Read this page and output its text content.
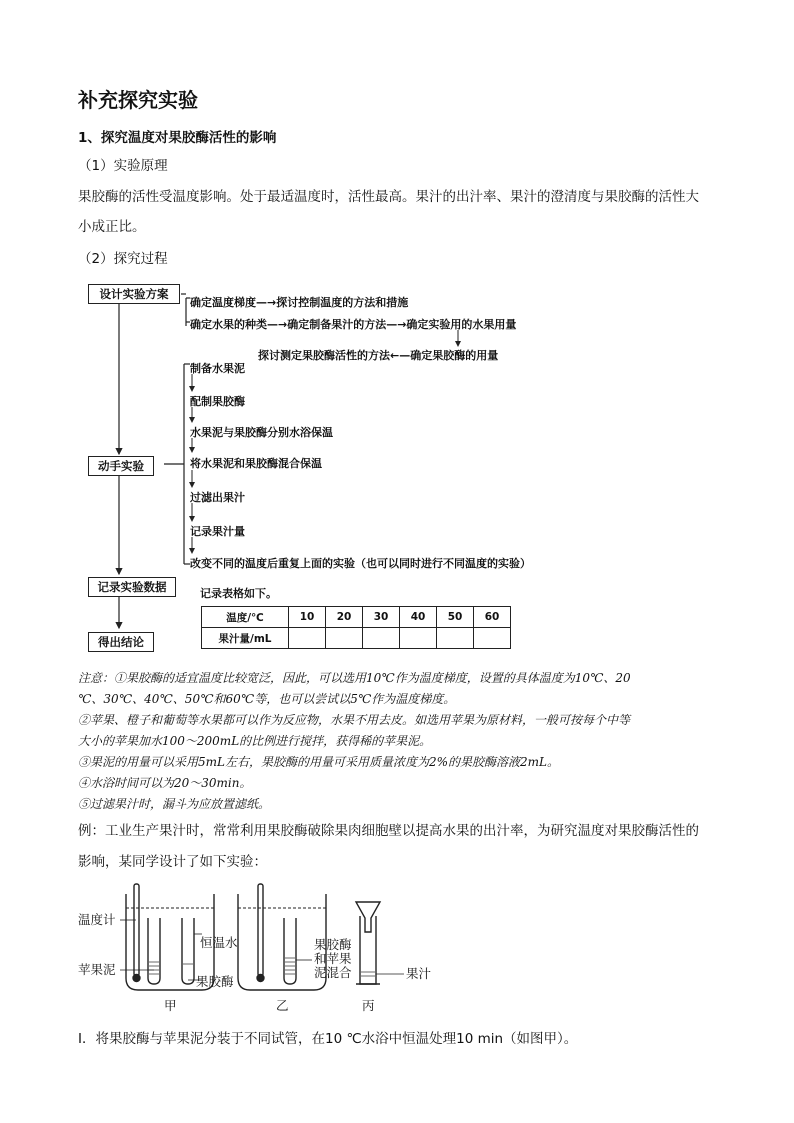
补充探究实验
1、探究温度对果胶酶活性的影响
（1）实验原理
果胶酶的活性受温度影响。处于最适温度时，活性最高。果汁的出汁率、果汁的澄清度与果胶酶的活性大
小成正比。
（2）探究过程
设计实验方案
动手实验
记录实验数据
得出结论
确定温度梯度—→探讨控制温度的方法和措施
确定水果的种类—→确定制备果汁的方法—→确定实验用的水果用量
探讨测定果胶酶活性的方法←—确定果胶酶的用量
制备水果泥
配制果胶酶
水果泥与果胶酶分别水浴保温
将水果泥和果胶酶混合保温
过滤出果汁
记录果汁量
改变不同的温度后重复上面的实验（也可以同时进行不同温度的实验）
记录表格如下。
温度/℃	10	20	30	40	50	60
果汁量/mL						
注意：①果胶酶的适宜温度比较宽泛，因此，可以选用10℃作为温度梯度，设置的具体温度为10℃、20
℃、30℃、40℃、50℃和60℃等，也可以尝试以5℃作为温度梯度。
②苹果、橙子和葡萄等水果都可以作为反应物，水果不用去皮。如选用苹果为原材料，一般可按每个中等
大小的苹果加水100～200mL的比例进行搅拌，获得稀的苹果泥。
③果泥的用量可以采用5mL左右，果胶酶的用量可采用质量浓度为2%的果胶酶溶液2mL。
④水浴时间可以为20～30min。
⑤过滤果汁时，漏斗为应放置滤纸。
例：工业生产果汁时，常常利用果胶酶破除果肉细胞壁以提高水果的出汁率，为研究温度对果胶酶活性的
影响，某同学设计了如下实验：
温度计
苹果泥
恒温水
果胶酶
果胶酶
和苹果
泥混合	果汁
甲	乙	丙
Ⅰ．将果胶酶与苹果泥分装于不同试管，在10 ℃水浴中恒温处理10 min（如图甲）。
